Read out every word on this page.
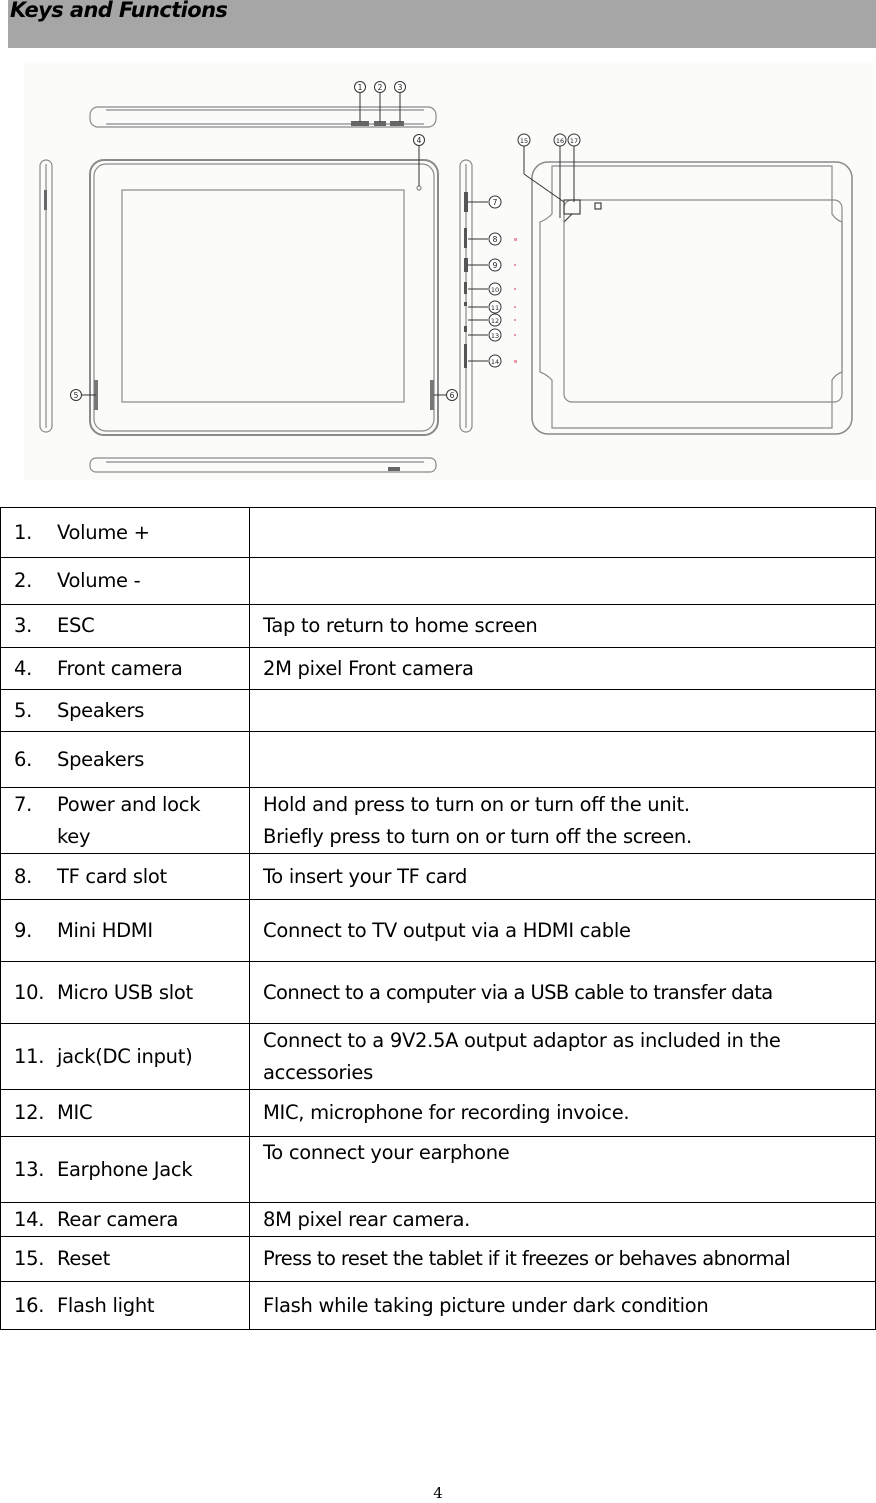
Keys and Functions
1 2 3
4
5	6
7
8
9
10
11
12
13
14
15	16 17
1. Volume +	

2. Volume -	

3. ESC	Tap to return to home screen

4. Front camera	2M pixel Front camera

5. Speakers	

6. Speakers	

7. Power and lock key	Hold and press to turn on or turn off the unit.
Briefly press to turn on or turn off the screen.

8. TF card slot	To insert your TF card

9. Mini HDMI	Connect to TV output via a HDMI cable

10. Micro USB slot	Connect to a computer via a USB cable to transfer data

11. jack(DC input)	Connect to a 9V2.5A output adaptor as included in the accessories

12. MIC	MIC, microphone for recording invoice.

13. Earphone Jack	To connect your earphone

14. Rear camera	8M pixel rear camera.

15. Reset	Press to reset the tablet if it freezes or behaves abnormal

16. Flash light	Flash while taking picture under dark condition
4
